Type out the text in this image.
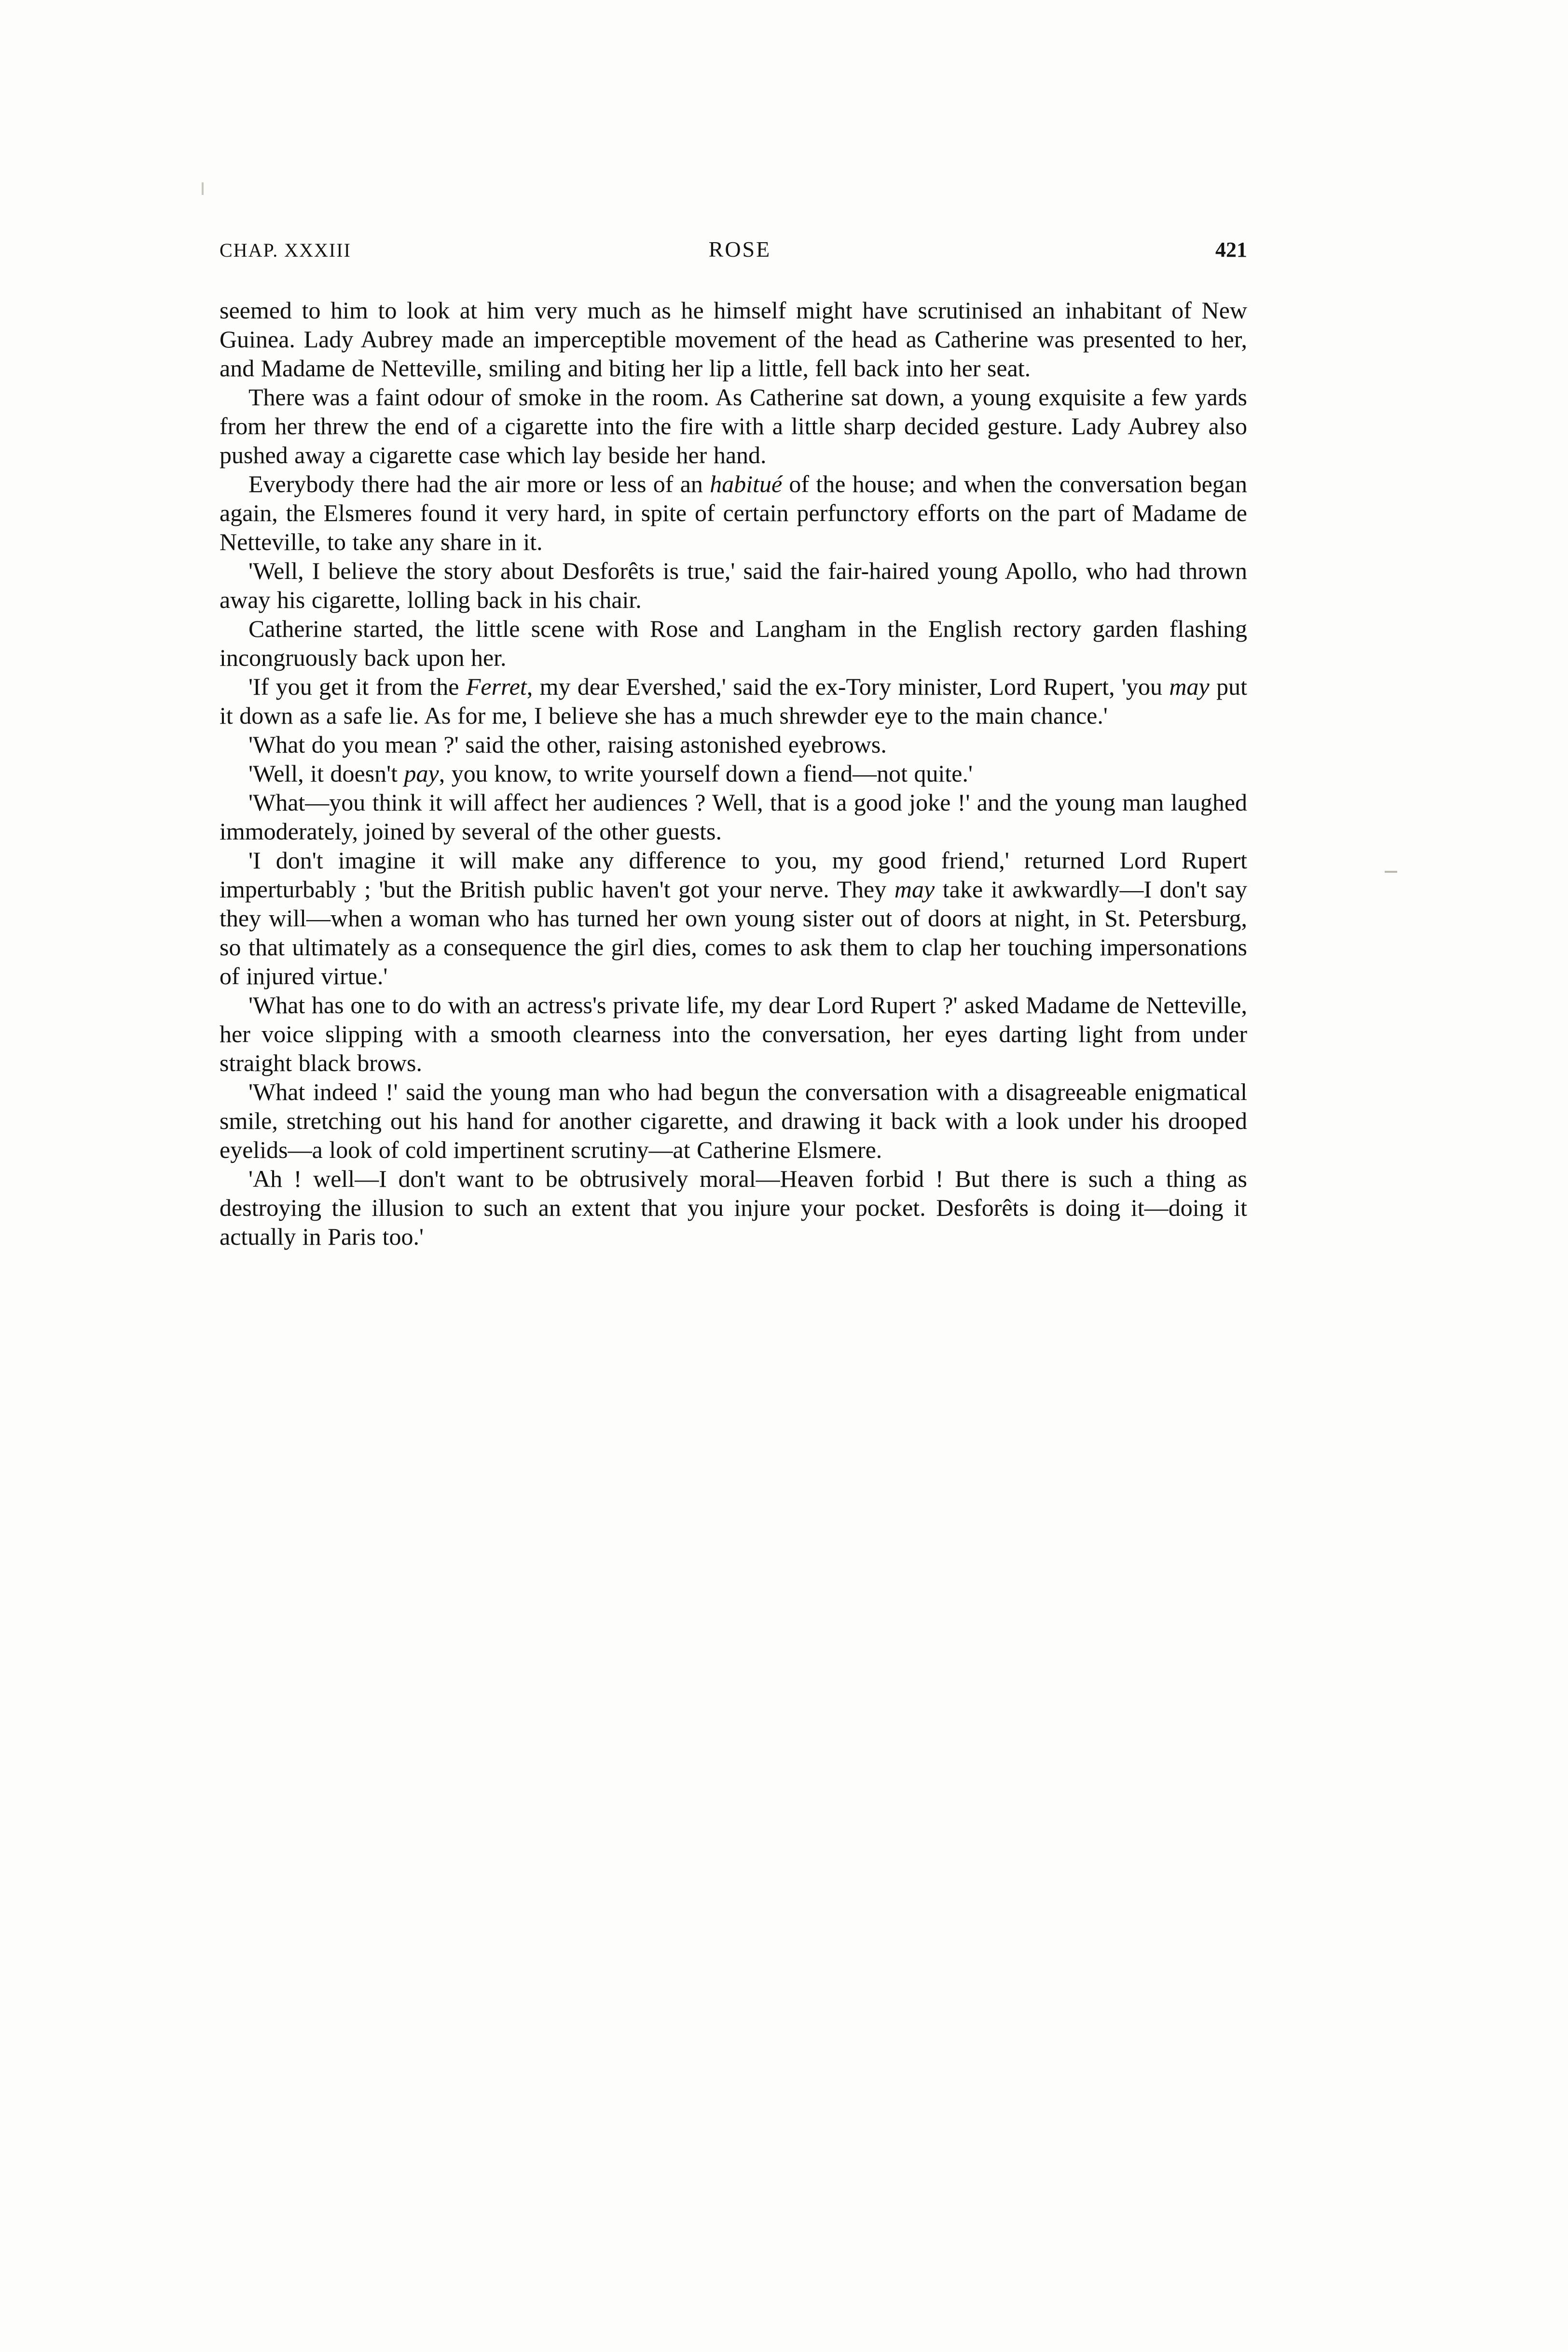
CHAP. XXXIII	ROSE	421

seemed to him to look at him very much as he himself might have scrutinised an inhabitant of New Guinea. Lady Aubrey made an imperceptible movement of the head as Catherine was presented to her, and Madame de Netteville, smiling and biting her lip a little, fell back into her seat.

There was a faint odour of smoke in the room. As Catherine sat down, a young exquisite a few yards from her threw the end of a cigarette into the fire with a little sharp decided gesture. Lady Aubrey also pushed away a cigarette case which lay beside her hand.

Everybody there had the air more or less of an habitué of the house; and when the conversation began again, the Elsmeres found it very hard, in spite of certain perfunctory efforts on the part of Madame de Netteville, to take any share in it.

'Well, I believe the story about Desforêts is true,' said the fair-haired young Apollo, who had thrown away his cigarette, lolling back in his chair.

Catherine started, the little scene with Rose and Langham in the English rectory garden flashing incongruously back upon her.

'If you get it from the Ferret, my dear Evershed,' said the ex-Tory minister, Lord Rupert, 'you may put it down as a safe lie. As for me, I believe she has a much shrewder eye to the main chance.'

'What do you mean ?' said the other, raising astonished eyebrows.

'Well, it doesn't pay, you know, to write yourself down a fiend—not quite.'

'What—you think it will affect her audiences ? Well, that is a good joke !' and the young man laughed immoderately, joined by several of the other guests.

'I don't imagine it will make any difference to you, my good friend,' returned Lord Rupert imperturbably ; 'but the British public haven't got your nerve. They may take it awkwardly—I don't say they will—when a woman who has turned her own young sister out of doors at night, in St. Petersburg, so that ultimately as a consequence the girl dies, comes to ask them to clap her touching impersonations of injured virtue.'

'What has one to do with an actress's private life, my dear Lord Rupert ?' asked Madame de Netteville, her voice slipping with a smooth clearness into the conversation, her eyes darting light from under straight black brows.

'What indeed !' said the young man who had begun the conversation with a disagreeable enigmatical smile, stretching out his hand for another cigarette, and drawing it back with a look under his drooped eyelids—a look of cold impertinent scrutiny—at Catherine Elsmere.

'Ah ! well—I don't want to be obtrusively moral—Heaven forbid ! But there is such a thing as destroying the illusion to such an extent that you injure your pocket. Desforêts is doing it—doing it actually in Paris too.'
